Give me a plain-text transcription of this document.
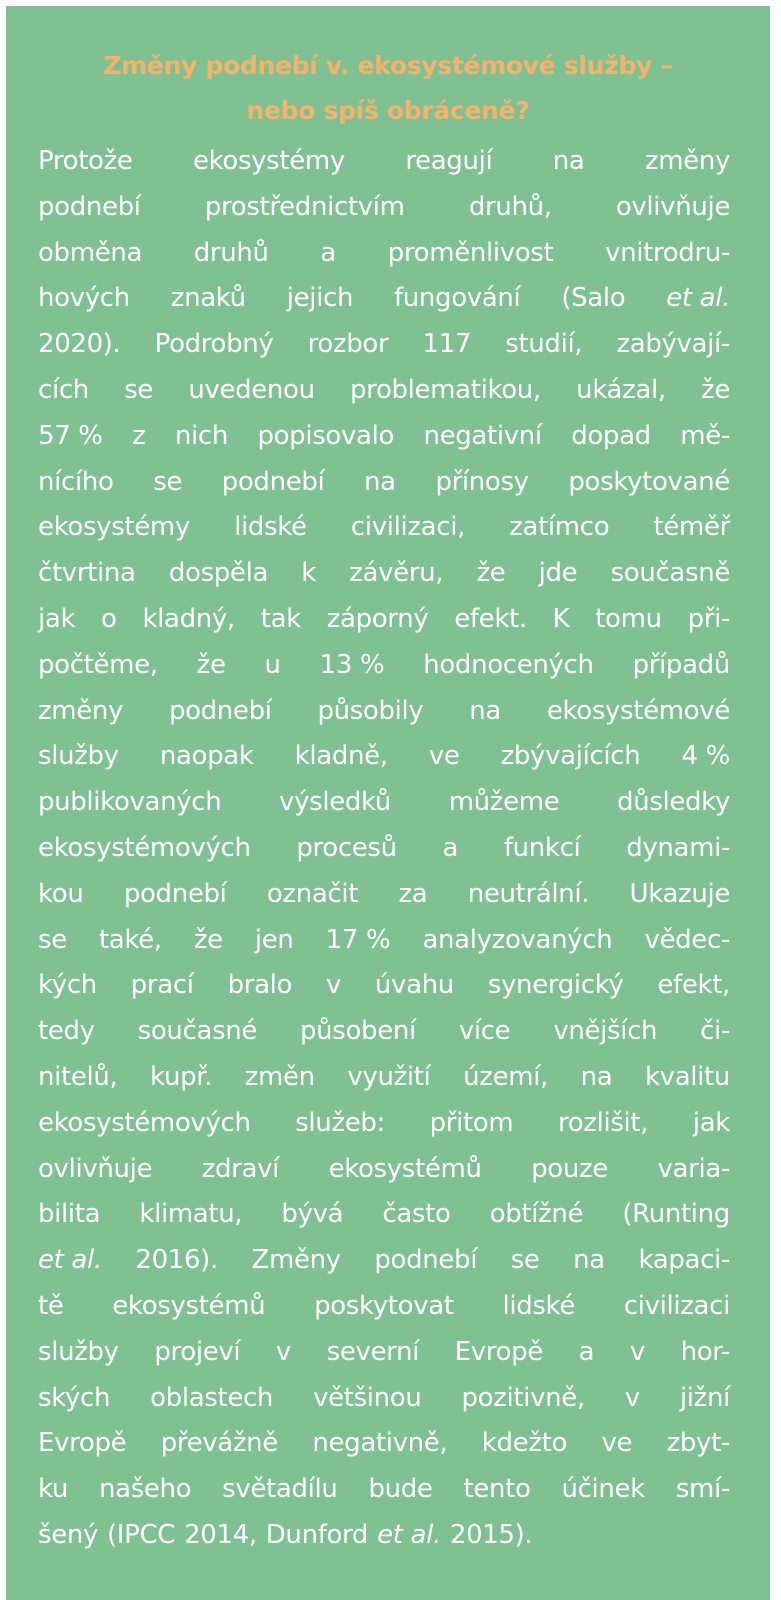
Změny podnebí v. ekosystémové služby –
nebo spíš obráceně?
Protože ekosystémy reagují na změny
podnebí prostřednictvím druhů, ovlivňuje
obměna druhů a proměnlivost vnitrodru-
hových znaků jejich fungování (Salo et al.
2020). Podrobný rozbor 117 studií, zabývají-
cích se uvedenou problematikou, ukázal, že
57 % z nich popisovalo negativní dopad mě-
nícího se podnebí na přínosy poskytované
ekosystémy lidské civilizaci, zatímco téměř
čtvrtina dospěla k závěru, že jde současně
jak o kladný, tak záporný efekt. K tomu při-
počtěme, že u 13 % hodnocených případů
změny podnebí působily na ekosystémové
služby naopak kladně, ve zbývajících 4 %
publikovaných výsledků můžeme důsledky
ekosystémových procesů a funkcí dynami-
kou podnebí označit za neutrální. Ukazuje
se také, že jen 17 % analyzovaných vědec-
kých prací bralo v úvahu synergický efekt,
tedy současné působení více vnějších či-
nitelů, kupř. změn využití území, na kvalitu
ekosystémových služeb: přitom rozlišit, jak
ovlivňuje zdraví ekosystémů pouze varia-
bilita klimatu, bývá často obtížné (Runting
et al. 2016). Změny podnebí se na kapaci-
tě ekosystémů poskytovat lidské civilizaci
služby projeví v severní Evropě a v hor-
ských oblastech většinou pozitivně, v jižní
Evropě převážně negativně, kdežto ve zbyt-
ku našeho světadílu bude tento účinek smí-
šený (IPCC 2014, Dunford et al. 2015).
